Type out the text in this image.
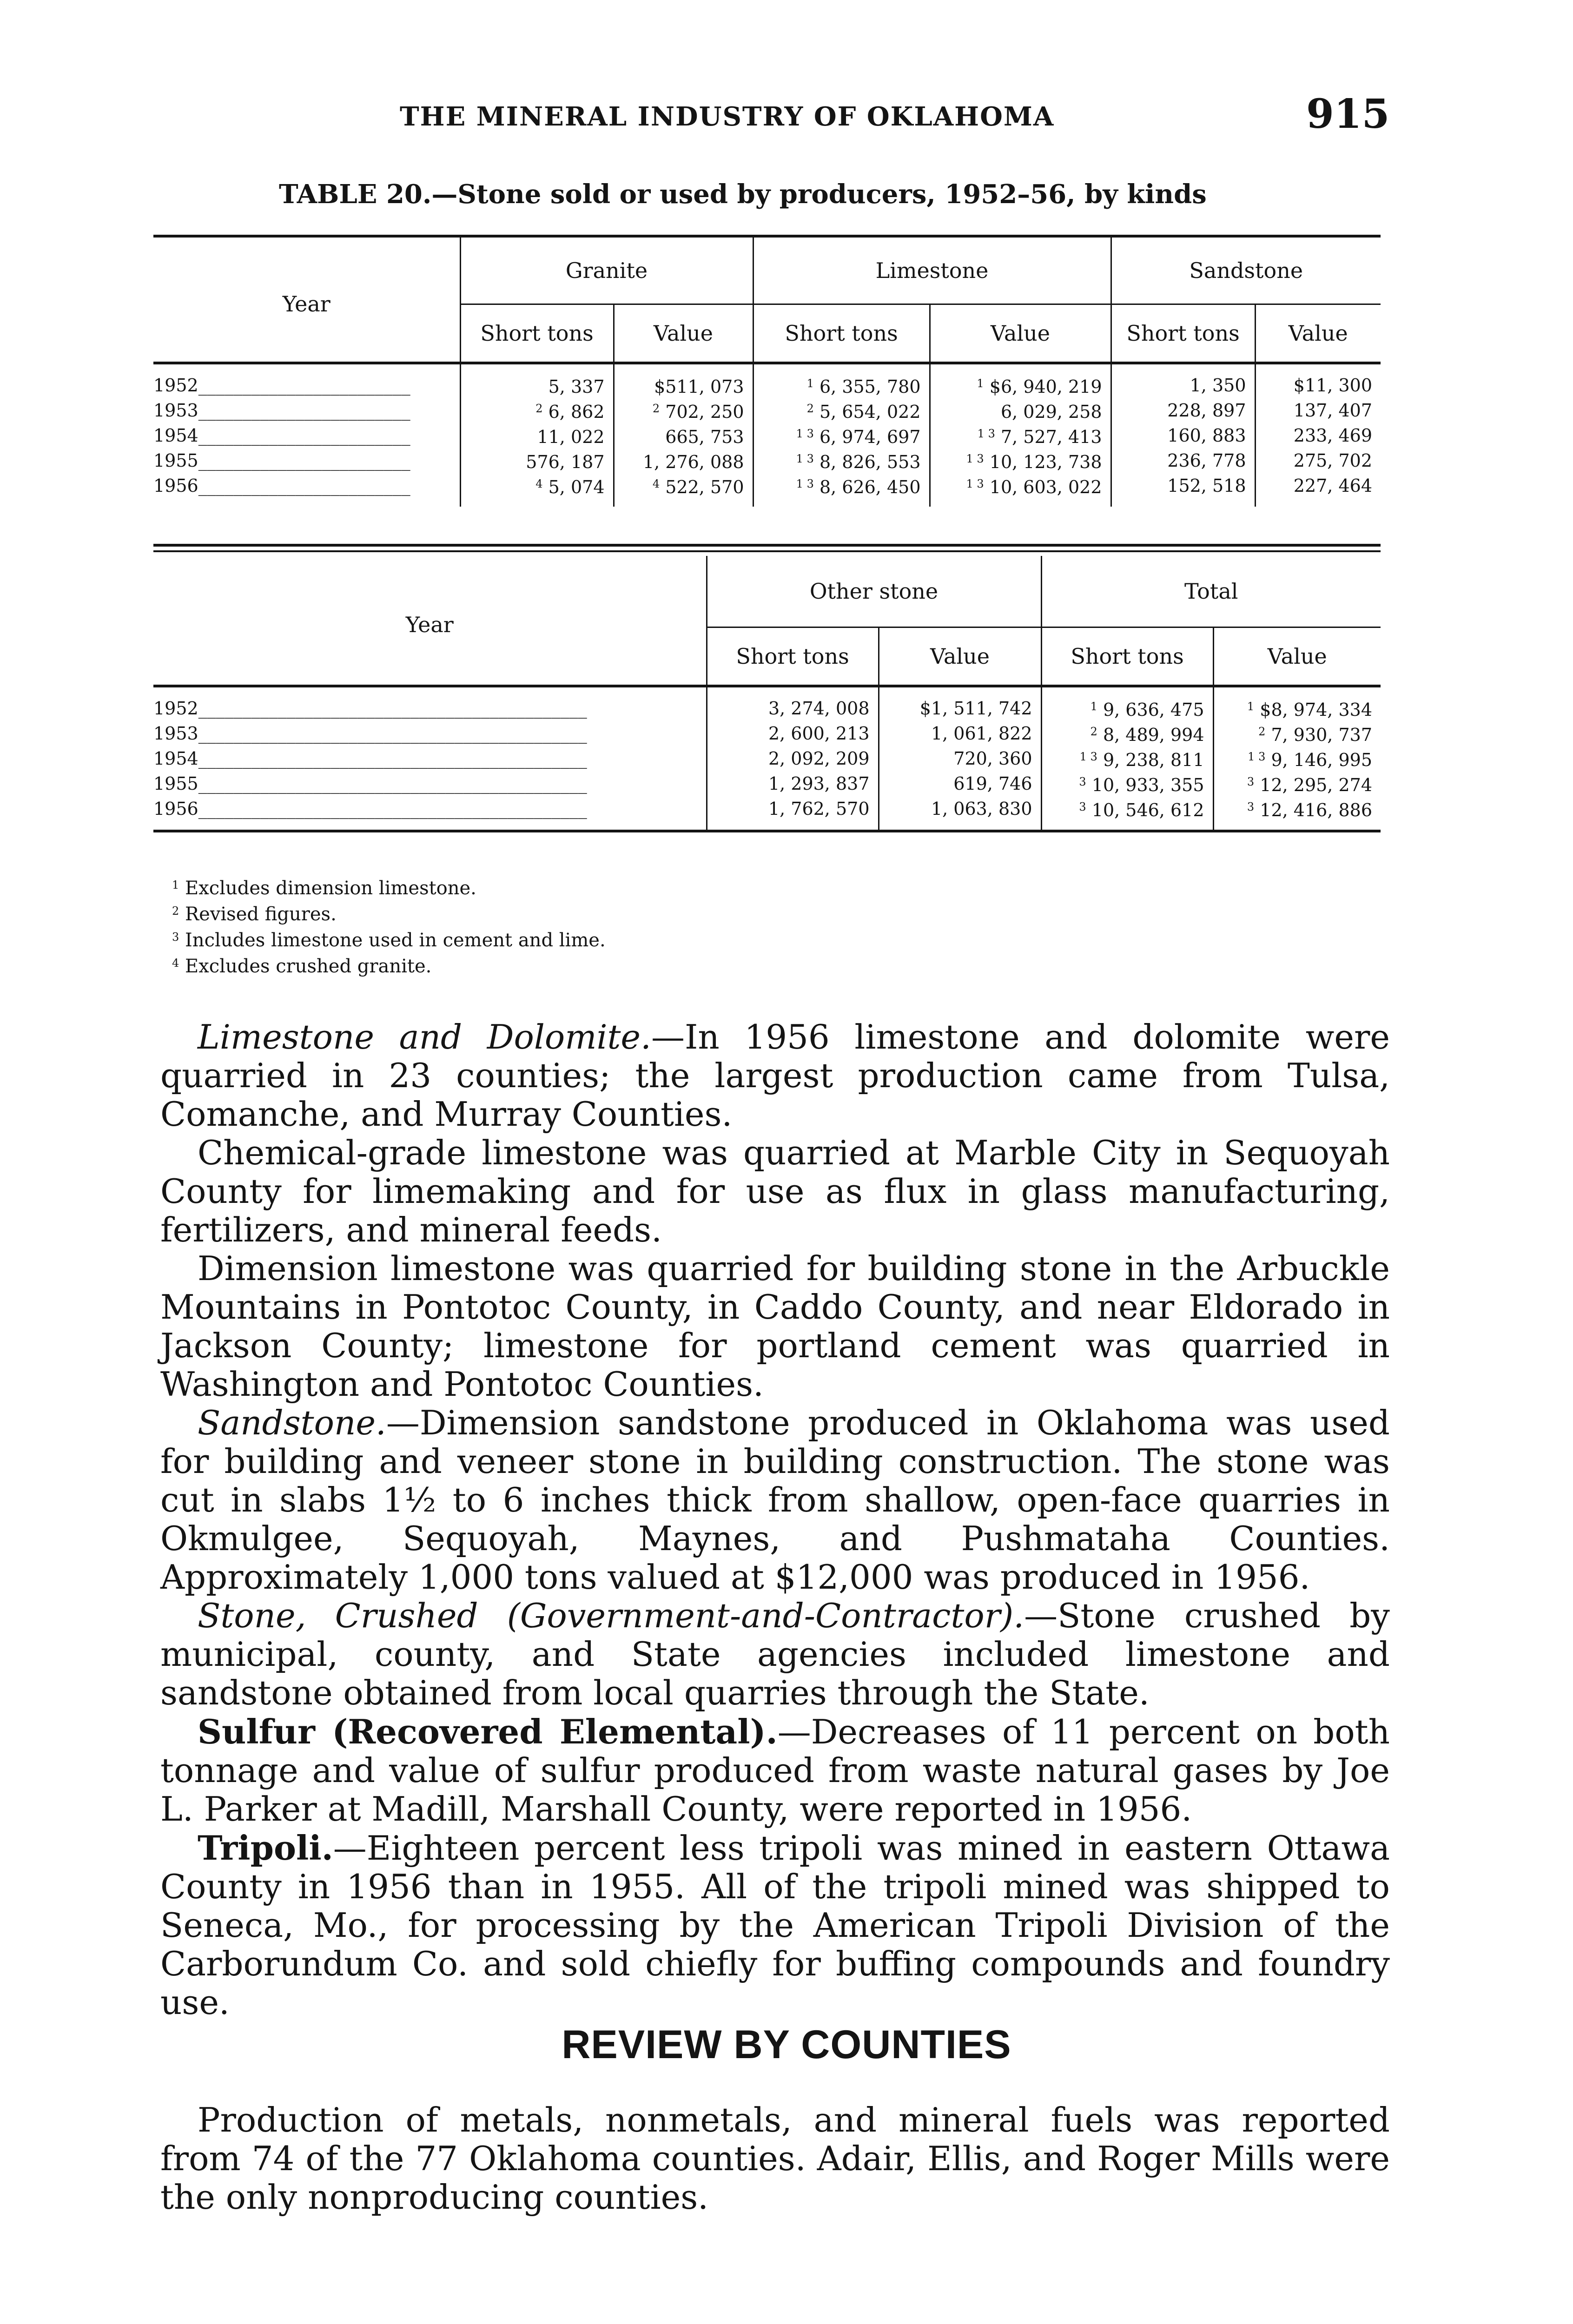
THE MINERAL INDUSTRY OF OKLAHOMA	915
TABLE 20.—Stone sold or used by producers, 1952–56, by kinds
Year	Granite		Limestone		Sandstone	
	Short tons	Value	Short tons	Value	Short tons	Value

1952________________________	5, 337	$511, 073	$^1$ 6, 355, 780	$^1$ $6, 940, 219	1, 350	$11, 300
1953________________________	$^2$ 6, 862	$^2$ 702, 250	$^2$ 5, 654, 022	6, 029, 258	228, 897	137, 407
1954________________________	11, 022	665, 753	$^{1 3}$ 6, 974, 697	$^{1 3}$ 7, 527, 413	160, 883	233, 469
1955________________________	576, 187	1, 276, 088	$^{1 3}$ 8, 826, 553	$^{1 3}$ 10, 123, 738	236, 778	275, 702
1956________________________	$^4$ 5, 074	$^4$ 522, 570	$^{1 3}$ 8, 626, 450	$^{1 3}$ 10, 603, 022	152, 518	227, 464

Year	Other stone		Total	
	Short tons	Value	Short tons	Value

1952____________________________________________	3, 274, 008	$1, 511, 742	$^1$ 9, 636, 475	$^1$ $8, 974, 334
1953____________________________________________	2, 600, 213	1, 061, 822	$^2$ 8, 489, 994	$^2$ 7, 930, 737
1954____________________________________________	2, 092, 209	720, 360	$^{1 3}$ 9, 238, 811	$^{1 3}$ 9, 146, 995
1955____________________________________________	1, 293, 837	619, 746	$^3$ 10, 933, 355	$^3$ 12, 295, 274
1956____________________________________________	1, 762, 570	1, 063, 830	$^3$ 10, 546, 612	$^3$ 12, 416, 886

$^1$ Excludes dimension limestone.
$^2$ Revised figures.
$^3$ Includes limestone used in cement and lime.
$^4$ Excludes crushed granite.

Limestone and Dolomite.—In 1956 limestone and dolomite were quarried in 23 counties; the largest production came from Tulsa, Comanche, and Murray Counties.

Chemical-grade limestone was quarried at Marble City in Sequoyah County for limemaking and for use as flux in glass manufacturing, fertilizers, and mineral feeds.

Dimension limestone was quarried for building stone in the Arbuckle Mountains in Pontotoc County, in Caddo County, and near Eldorado in Jackson County; limestone for portland cement was quarried in Washington and Pontotoc Counties.

Sandstone.—Dimension sandstone produced in Oklahoma was used for building and veneer stone in building construction. The stone was cut in slabs 1½ to 6 inches thick from shallow, open-face quarries in Okmulgee, Sequoyah, Maynes, and Pushmataha Counties. Approximately 1,000 tons valued at $12,000 was produced in 1956.

Stone, Crushed (Government-and-Contractor).—Stone crushed by municipal, county, and State agencies included limestone and sandstone obtained from local quarries through the State.

Sulfur (Recovered Elemental).—Decreases of 11 percent on both tonnage and value of sulfur produced from waste natural gases by Joe L. Parker at Madill, Marshall County, were reported in 1956.

Tripoli.—Eighteen percent less tripoli was mined in eastern Ottawa County in 1956 than in 1955. All of the tripoli mined was shipped to Seneca, Mo., for processing by the American Tripoli Division of the Carborundum Co. and sold chiefly for buffing compounds and foundry use.

REVIEW BY COUNTIES

Production of metals, nonmetals, and mineral fuels was reported from 74 of the 77 Oklahoma counties. Adair, Ellis, and Roger Mills were the only nonproducing counties.
